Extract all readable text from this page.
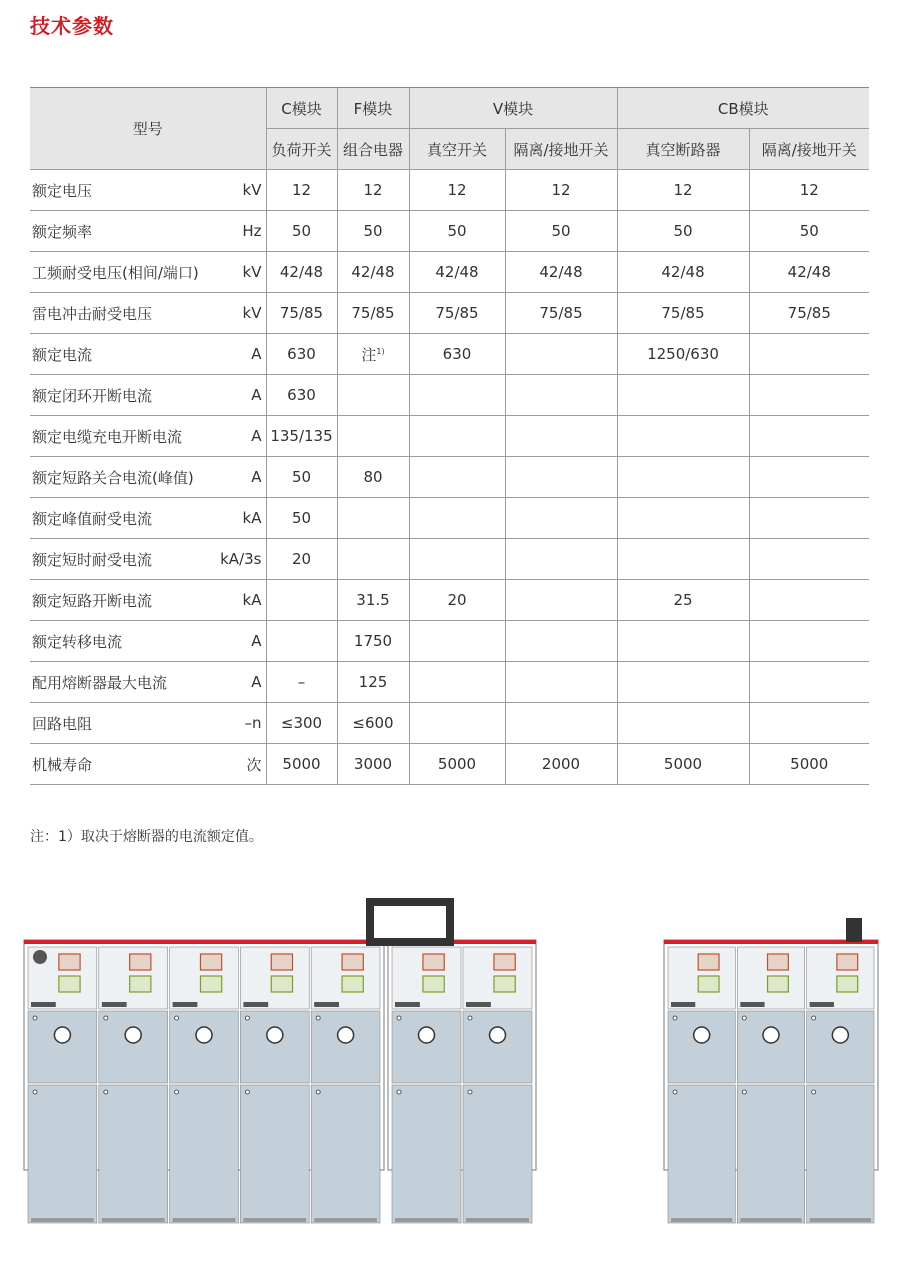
技术参数
型号	C模块	F模块	V模块		CB模块	
	负荷开关	组合电器	真空开关	隔离/接地开关	真空断路器	隔离/接地开关

额定电压 kV	12	12	12	12	12	12

额定频率 Hz	50	50	50	50	50	50

工频耐受电压(相间/端口) kV	42/48	42/48	42/48	42/48	42/48	42/48

雷电冲击耐受电压 kV	75/85	75/85	75/85	75/85	75/85	75/85

额定电流 A	630	注$^{1)}$	630		1250/630	

额定闭环开断电流 A	630					

额定电缆充电开断电流 A	135/135					

额定短路关合电流(峰值) A	50	80				

额定峰值耐受电流 kA	50					

额定短时耐受电流 kA/3s	20					

额定短路开断电流 kA		31.5	20		25	

额定转移电流 A		1750				

配用熔断器最大电流 A	–	125				

回路电阻 –n	≤300	≤600				

机械寿命 次	5000	3000	5000	2000	5000	5000
注：1）取决于熔断器的电流额定值。
